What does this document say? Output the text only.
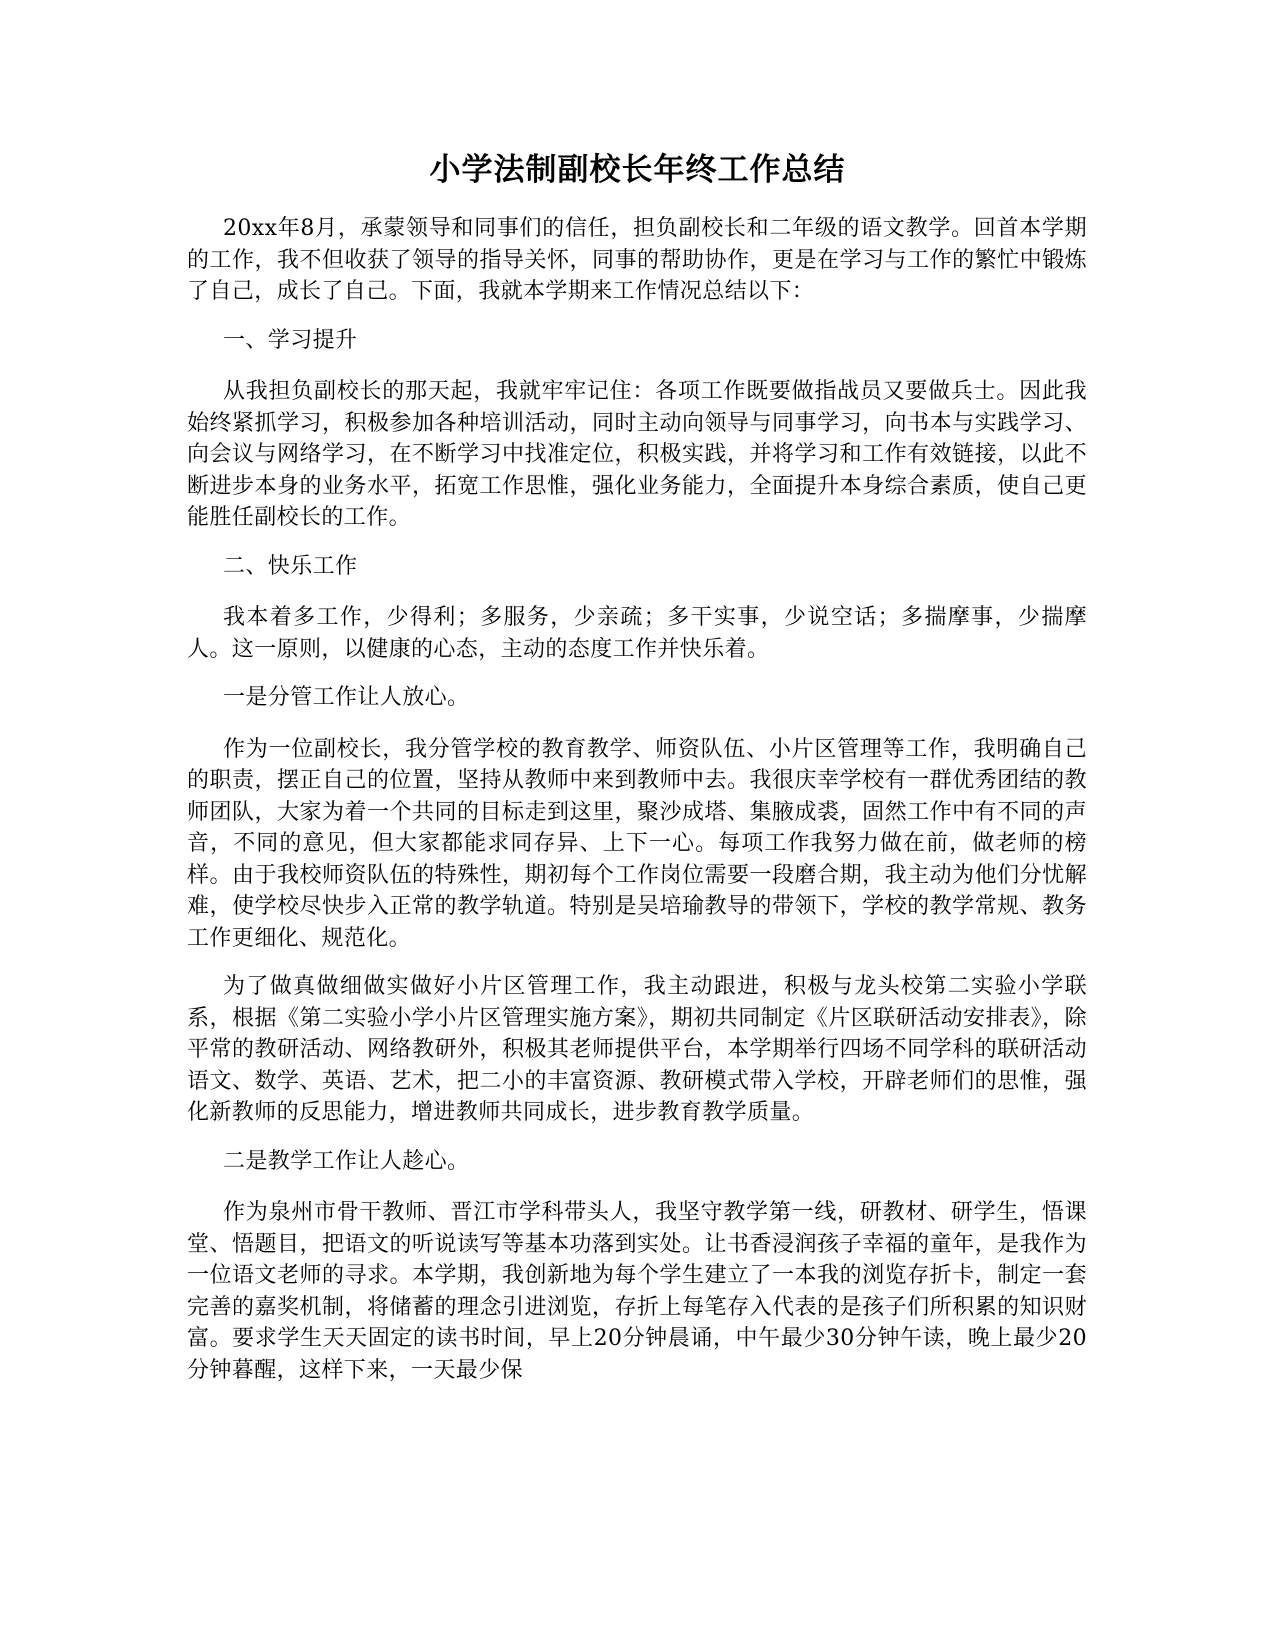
小学法制副校长年终工作总结

20xx年8月，承蒙领导和同事们的信任，担负副校长和二年级的语文教学。回首本学期的工作，我不但收获了领导的指导关怀，同事的帮助协作，更是在学习与工作的繁忙中锻炼了自己，成长了自己。下面，我就本学期来工作情况总结以下：

一、学习提升

从我担负副校长的那天起，我就牢牢记住：各项工作既要做指战员又要做兵士。因此我始终紧抓学习，积极参加各种培训活动，同时主动向领导与同事学习，向书本与实践学习、向会议与网络学习，在不断学习中找准定位，积极实践，并将学习和工作有效链接，以此不断进步本身的业务水平，拓宽工作思惟，强化业务能力，全面提升本身综合素质，使自己更能胜任副校长的工作。

二、快乐工作

我本着多工作，少得利；多服务，少亲疏；多干实事，少说空话；多揣摩事，少揣摩人。这一原则，以健康的心态，主动的态度工作并快乐着。

一是分管工作让人放心。

作为一位副校长，我分管学校的教育教学、师资队伍、小片区管理等工作，我明确自己的职责，摆正自己的位置，坚持从教师中来到教师中去。我很庆幸学校有一群优秀团结的教师团队，大家为着一个共同的目标走到这里，聚沙成塔、集腋成裘，固然工作中有不同的声音，不同的意见，但大家都能求同存异、上下一心。每项工作我努力做在前，做老师的榜样。由于我校师资队伍的特殊性，期初每个工作岗位需要一段磨合期，我主动为他们分忧解难，使学校尽快步入正常的教学轨道。特别是吴培瑜教导的带领下，学校的教学常规、教务工作更细化、规范化。

为了做真做细做实做好小片区管理工作，我主动跟进，积极与龙头校第二实验小学联系，根据《第二实验小学小片区管理实施方案》，期初共同制定《片区联研活动安排表》，除平常的教研活动、网络教研外，积极其老师提供平台，本学期举行四场不同学科的联研活动语文、数学、英语、艺术，把二小的丰富资源、教研模式带入学校，开辟老师们的思惟，强化新教师的反思能力，增进教师共同成长，进步教育教学质量。

二是教学工作让人趁心。

作为泉州市骨干教师、晋江市学科带头人，我坚守教学第一线，研教材、研学生，悟课堂、悟题目，把语文的听说读写等基本功落到实处。让书香浸润孩子幸福的童年，是我作为一位语文老师的寻求。本学期，我创新地为每个学生建立了一本我的浏览存折卡，制定一套完善的嘉奖机制，将储蓄的理念引进浏览，存折上每笔存入代表的是孩子们所积累的知识财富。要求学生天天固定的读书时间，早上20分钟晨诵，中午最少30分钟午读，晚上最少20分钟暮醒，这样下来，一天最少保
